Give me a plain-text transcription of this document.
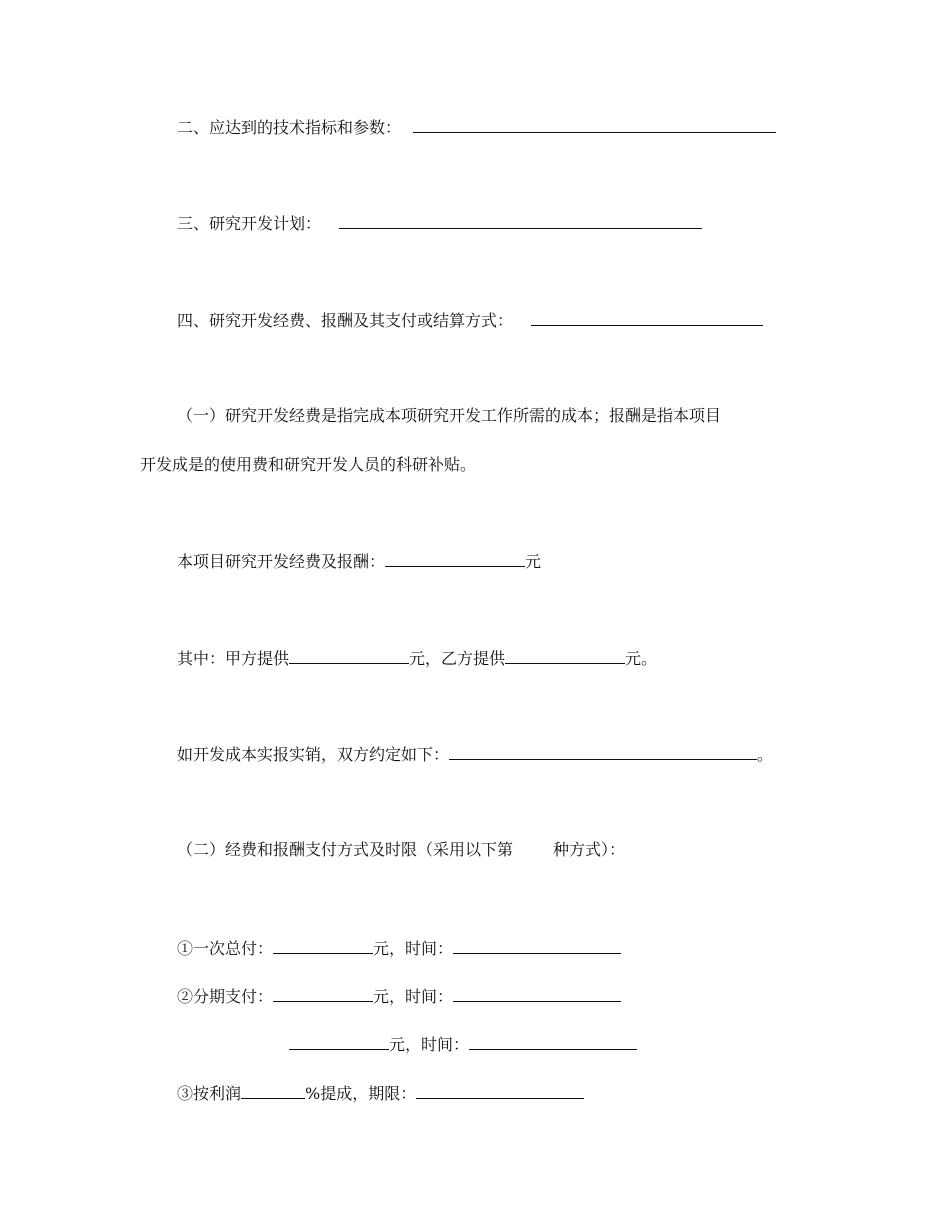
二、应达到的技术指标和参数：
三、研究开发计划：
四、研究开发经费、报酬及其支付或结算方式：
（一）研究开发经费是指完成本项研究开发工作所需的成本；报酬是指本项目
开发成是的使用费和研究开发人员的科研补贴。
本项目研究开发经费及报酬：	元
其中：甲方提供	元，乙方提供	元。
如开发成本实报实销，双方约定如下：	。
（二）经费和报酬支付方式及时限（采用以下第	种方式）：
①一次总付：	元，时间：
②分期支付：	元，时间：
元，时间：
③按利润	%提成，期限：
